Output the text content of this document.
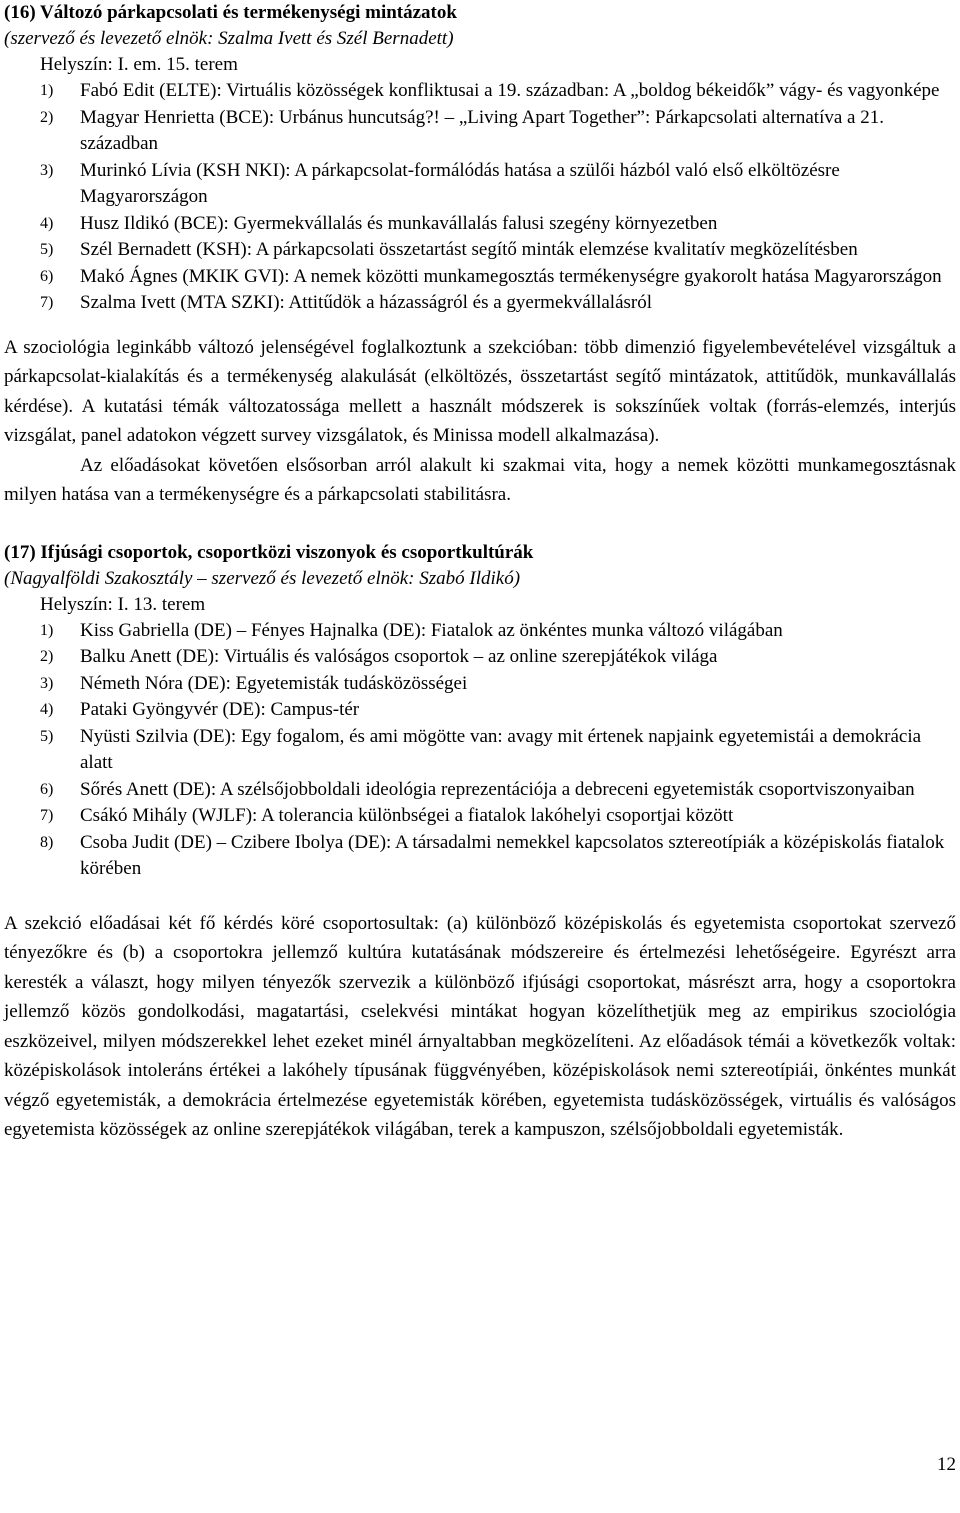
(16) Változó párkapcsolati és termékenységi mintázatok

(szervező és levezető elnök: Szalma Ivett és Szél Bernadett)

Helyszín: I. em. 15. terem

1) Fabó Edit (ELTE): Virtuális közösségek konfliktusai a 19. században: A „boldog békeidők” vágy- és vagyonképe
2) Magyar Henrietta (BCE): Urbánus huncutság?! – „Living Apart Together”: Párkapcsolati alternatíva a 21. században
3) Murinkó Lívia (KSH NKI): A párkapcsolat-formálódás hatása a szülői házból való első elköltözésre Magyarországon
4) Husz Ildikó (BCE): Gyermekvállalás és munkavállalás falusi szegény környezetben
5) Szél Bernadett (KSH): A párkapcsolati összetartást segítő minták elemzése kvalitatív megközelítésben
6) Makó Ágnes (MKIK GVI): A nemek közötti munkamegosztás termékenységre gyakorolt hatása Magyarországon
7) Szalma Ivett (MTA SZKI): Attitűdök a házasságról és a gyermekvállalásról

A szociológia leginkább változó jelenségével foglalkoztunk a szekcióban: több dimenzió figyelembevételével vizsgáltuk a párkapcsolat-kialakítás és a termékenység alakulását (elköltözés, összetartást segítő mintázatok, attitűdök, munkavállalás kérdése). A kutatási témák változatossága mellett a használt módszerek is sokszínűek voltak (forrás-elemzés, interjús vizsgálat, panel adatokon végzett survey vizsgálatok, és Minissa modell alkalmazása).

Az előadásokat követően elsősorban arról alakult ki szakmai vita, hogy a nemek közötti munkamegosztásnak milyen hatása van a termékenységre és a párkapcsolati stabilitásra.

(17) Ifjúsági csoportok, csoportközi viszonyok és csoportkultúrák

(Nagyalföldi Szakosztály – szervező és levezető elnök: Szabó Ildikó)

Helyszín: I. 13. terem

1) Kiss Gabriella (DE) – Fényes Hajnalka (DE): Fiatalok az önkéntes munka változó világában
2) Balku Anett (DE): Virtuális és valóságos csoportok – az online szerepjátékok világa
3) Németh Nóra (DE): Egyetemisták tudásközösségei
4) Pataki Gyöngyvér (DE): Campus-tér
5) Nyüsti Szilvia (DE): Egy fogalom, és ami mögötte van: avagy mit értenek napjaink egyetemistái a demokrácia alatt
6) Sőrés Anett (DE): A szélsőjobboldali ideológia reprezentációja a debreceni egyetemisták csoportviszonyaiban
7) Csákó Mihály (WJLF): A tolerancia különbségei a fiatalok lakóhelyi csoportjai között
8) Csoba Judit (DE) – Czibere Ibolya (DE): A társadalmi nemekkel kapcsolatos sztereotípiák a középiskolás fiatalok körében

A szekció előadásai két fő kérdés köré csoportosultak: (a) különböző középiskolás és egyetemista csoportokat szervező tényezőkre és (b) a csoportokra jellemző kultúra kutatásának módszereire és értelmezési lehetőségeire. Egyrészt arra keresték a választ, hogy milyen tényezők szervezik a különböző ifjúsági csoportokat, másrészt arra, hogy a csoportokra jellemző közös gondolkodási, magatartási, cselekvési mintákat hogyan közelíthetjük meg az empirikus szociológia eszközeivel, milyen módszerekkel lehet ezeket minél árnyaltabban megközelíteni. Az előadások témái a következők voltak: középiskolások intoleráns értékei a lakóhely típusának függvényében, középiskolások nemi sztereotípiái, önkéntes munkát végző egyetemisták, a demokrácia értelmezése egyetemisták körében, egyetemista tudásközösségek, virtuális és valóságos egyetemista közösségek az online szerepjátékok világában, terek a kampuszon, szélsőjobboldali egyetemisták.

12
